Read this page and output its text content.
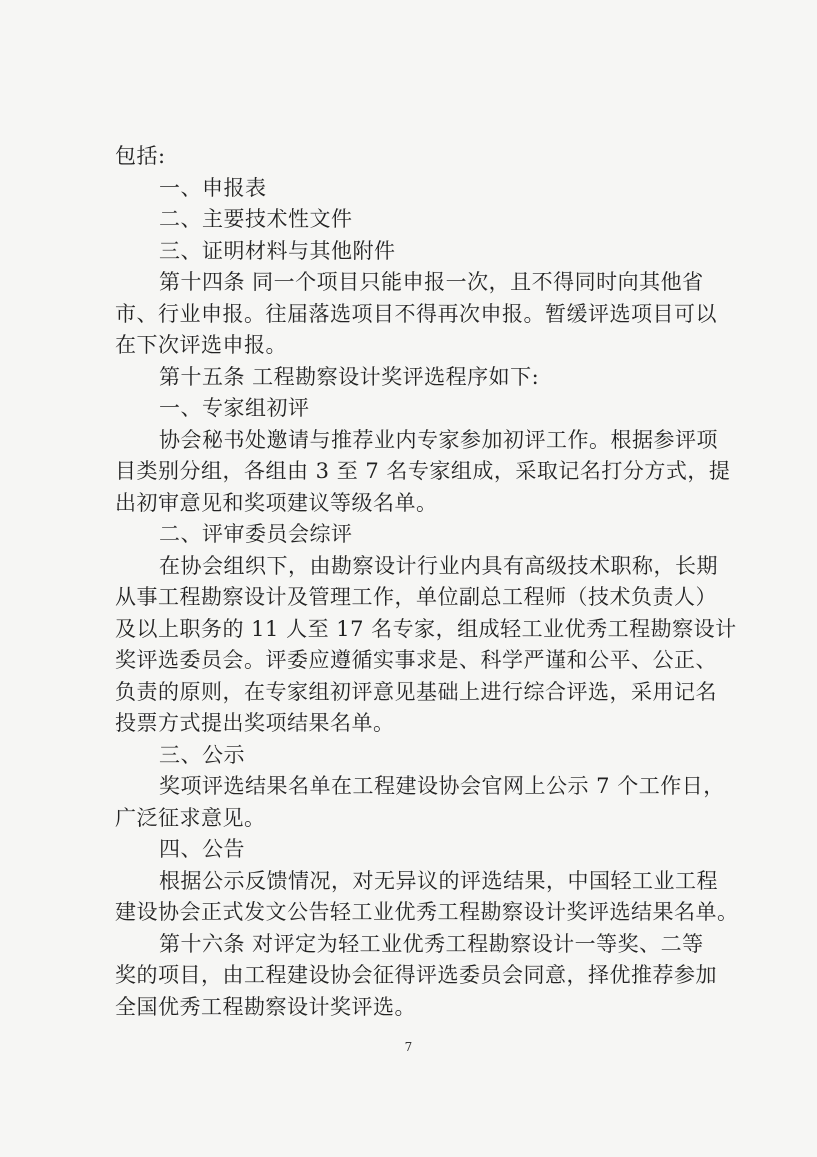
包括:
一、申报表
二、主要技术性文件
三、证明材料与其他附件
第十四条 同一个项目只能申报一次，且不得同时向其他省
市、行业申报。往届落选项目不得再次申报。暂缓评选项目可以
在下次评选申报。
第十五条 工程勘察设计奖评选程序如下:
一、专家组初评
协会秘书处邀请与推荐业内专家参加初评工作。根据参评项
目类别分组，各组由 3 至 7 名专家组成，采取记名打分方式，提
出初审意见和奖项建议等级名单。
二、评审委员会综评
在协会组织下，由勘察设计行业内具有高级技术职称，长期
从事工程勘察设计及管理工作，单位副总工程师（技术负责人）
及以上职务的 11 人至 17 名专家，组成轻工业优秀工程勘察设计
奖评选委员会。评委应遵循实事求是、科学严谨和公平、公正、
负责的原则，在专家组初评意见基础上进行综合评选，采用记名
投票方式提出奖项结果名单。
三、公示
奖项评选结果名单在工程建设协会官网上公示 7 个工作日，
广泛征求意见。
四、公告
根据公示反馈情况，对无异议的评选结果，中国轻工业工程
建设协会正式发文公告轻工业优秀工程勘察设计奖评选结果名单。
第十六条 对评定为轻工业优秀工程勘察设计一等奖、二等
奖的项目，由工程建设协会征得评选委员会同意，择优推荐参加
全国优秀工程勘察设计奖评选。
7
